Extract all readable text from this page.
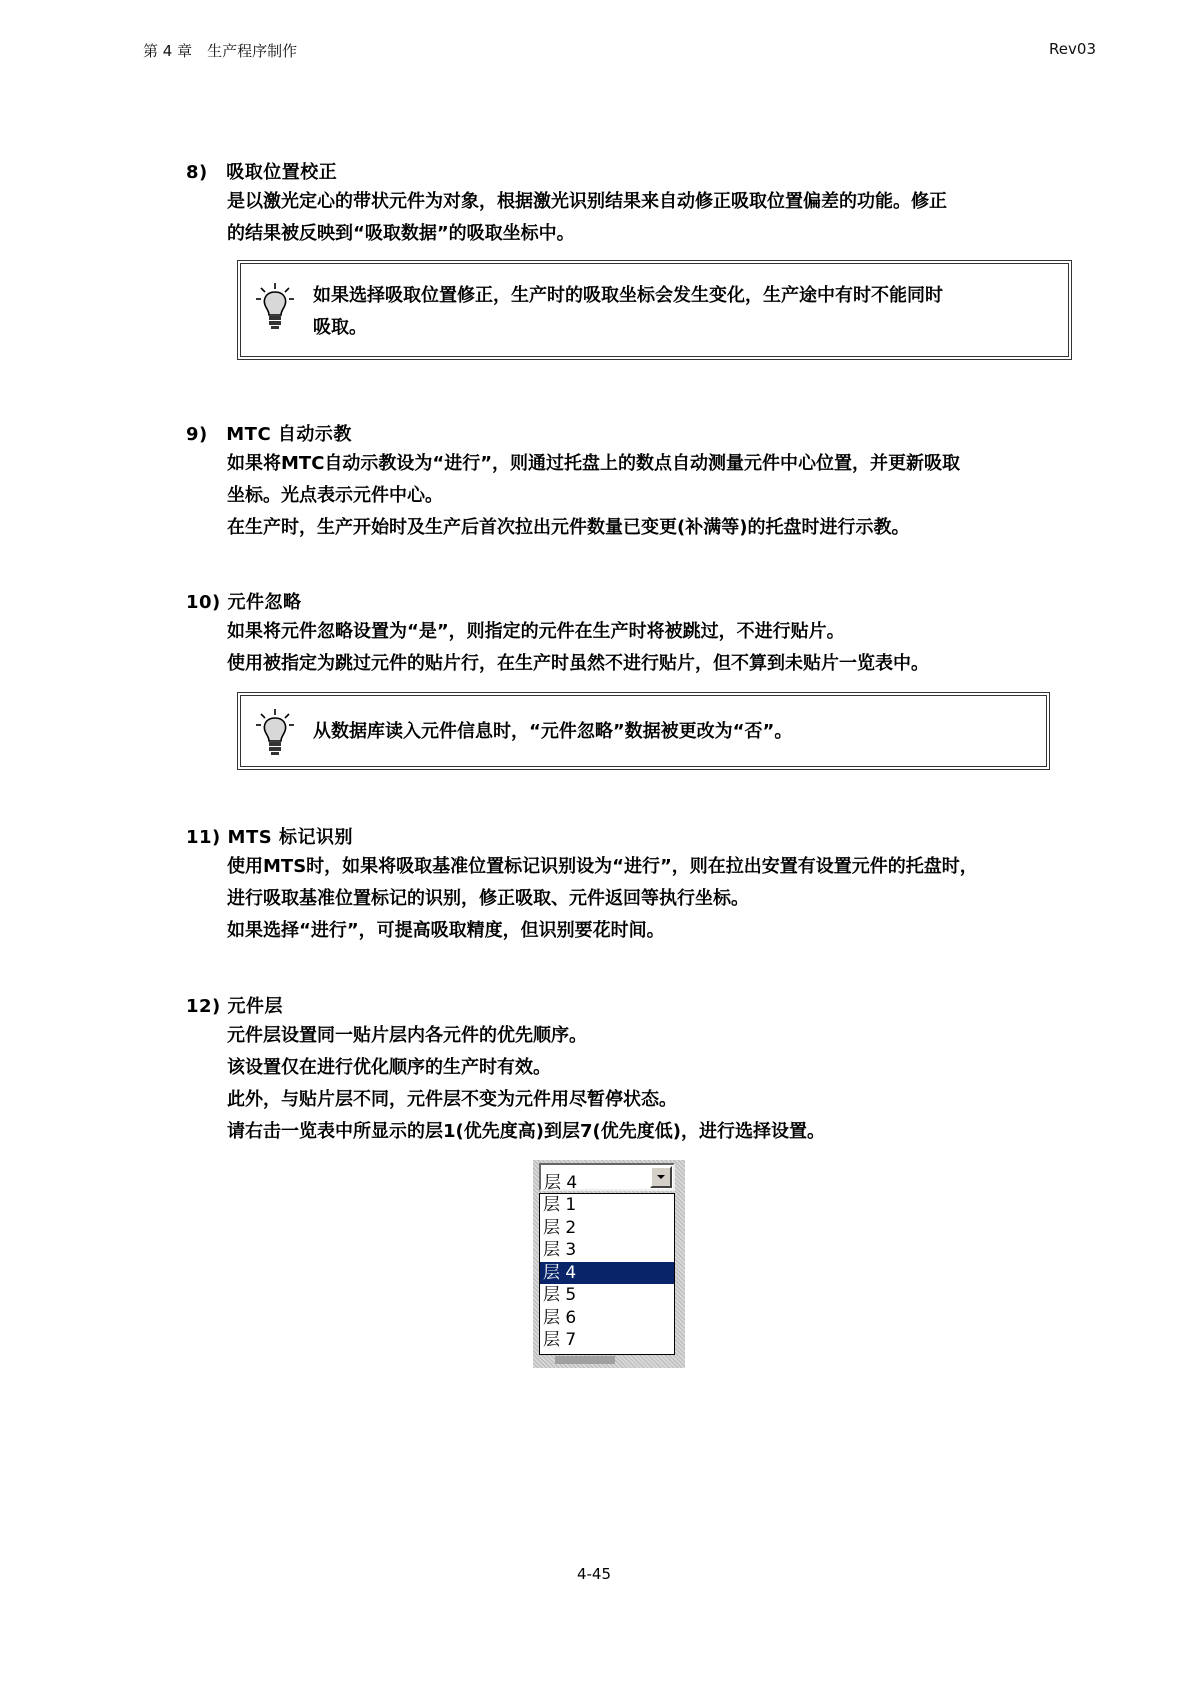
第 4 章　生产程序制作	Rev03
8)　吸取位置校正

是以激光定心的带状元件为对象，根据激光识别结果来自动修正吸取位置偏差的功能。修正

的结果被反映到“吸取数据”的吸取坐标中。

如果选择吸取位置修正，生产时的吸取坐标会发生变化，生产途中有时不能同时
吸取。
9)　MTC 自动示教

如果将MTC自动示教设为“进行”，则通过托盘上的数点自动测量元件中心位置，并更新吸取

坐标。光点表示元件中心。

在生产时，生产开始时及生产后首次拉出元件数量已变更(补满等)的托盘时进行示教。

10) 元件忽略

如果将元件忽略设置为“是”，则指定的元件在生产时将被跳过，不进行贴片。

使用被指定为跳过元件的贴片行，在生产时虽然不进行贴片，但不算到未贴片一览表中。

从数据库读入元件信息时，“元件忽略”数据被更改为“否”。
11) MTS 标记识别

使用MTS时，如果将吸取基准位置标记识别设为“进行”，则在拉出安置有设置元件的托盘时，

进行吸取基准位置标记的识别，修正吸取、元件返回等执行坐标。

如果选择“进行”，可提高吸取精度，但识别要花时间。

12) 元件层

元件层设置同一贴片层内各元件的优先顺序。

该设置仅在进行优化顺序的生产时有效。

此外，与贴片层不同，元件层不变为元件用尽暂停状态。

请右击一览表中所显示的层1(优先度高)到层7(优先度低)，进行选择设置。

层 4
层 1
层 2
层 3
层 4
层 5
层 6
层 7
4-45
